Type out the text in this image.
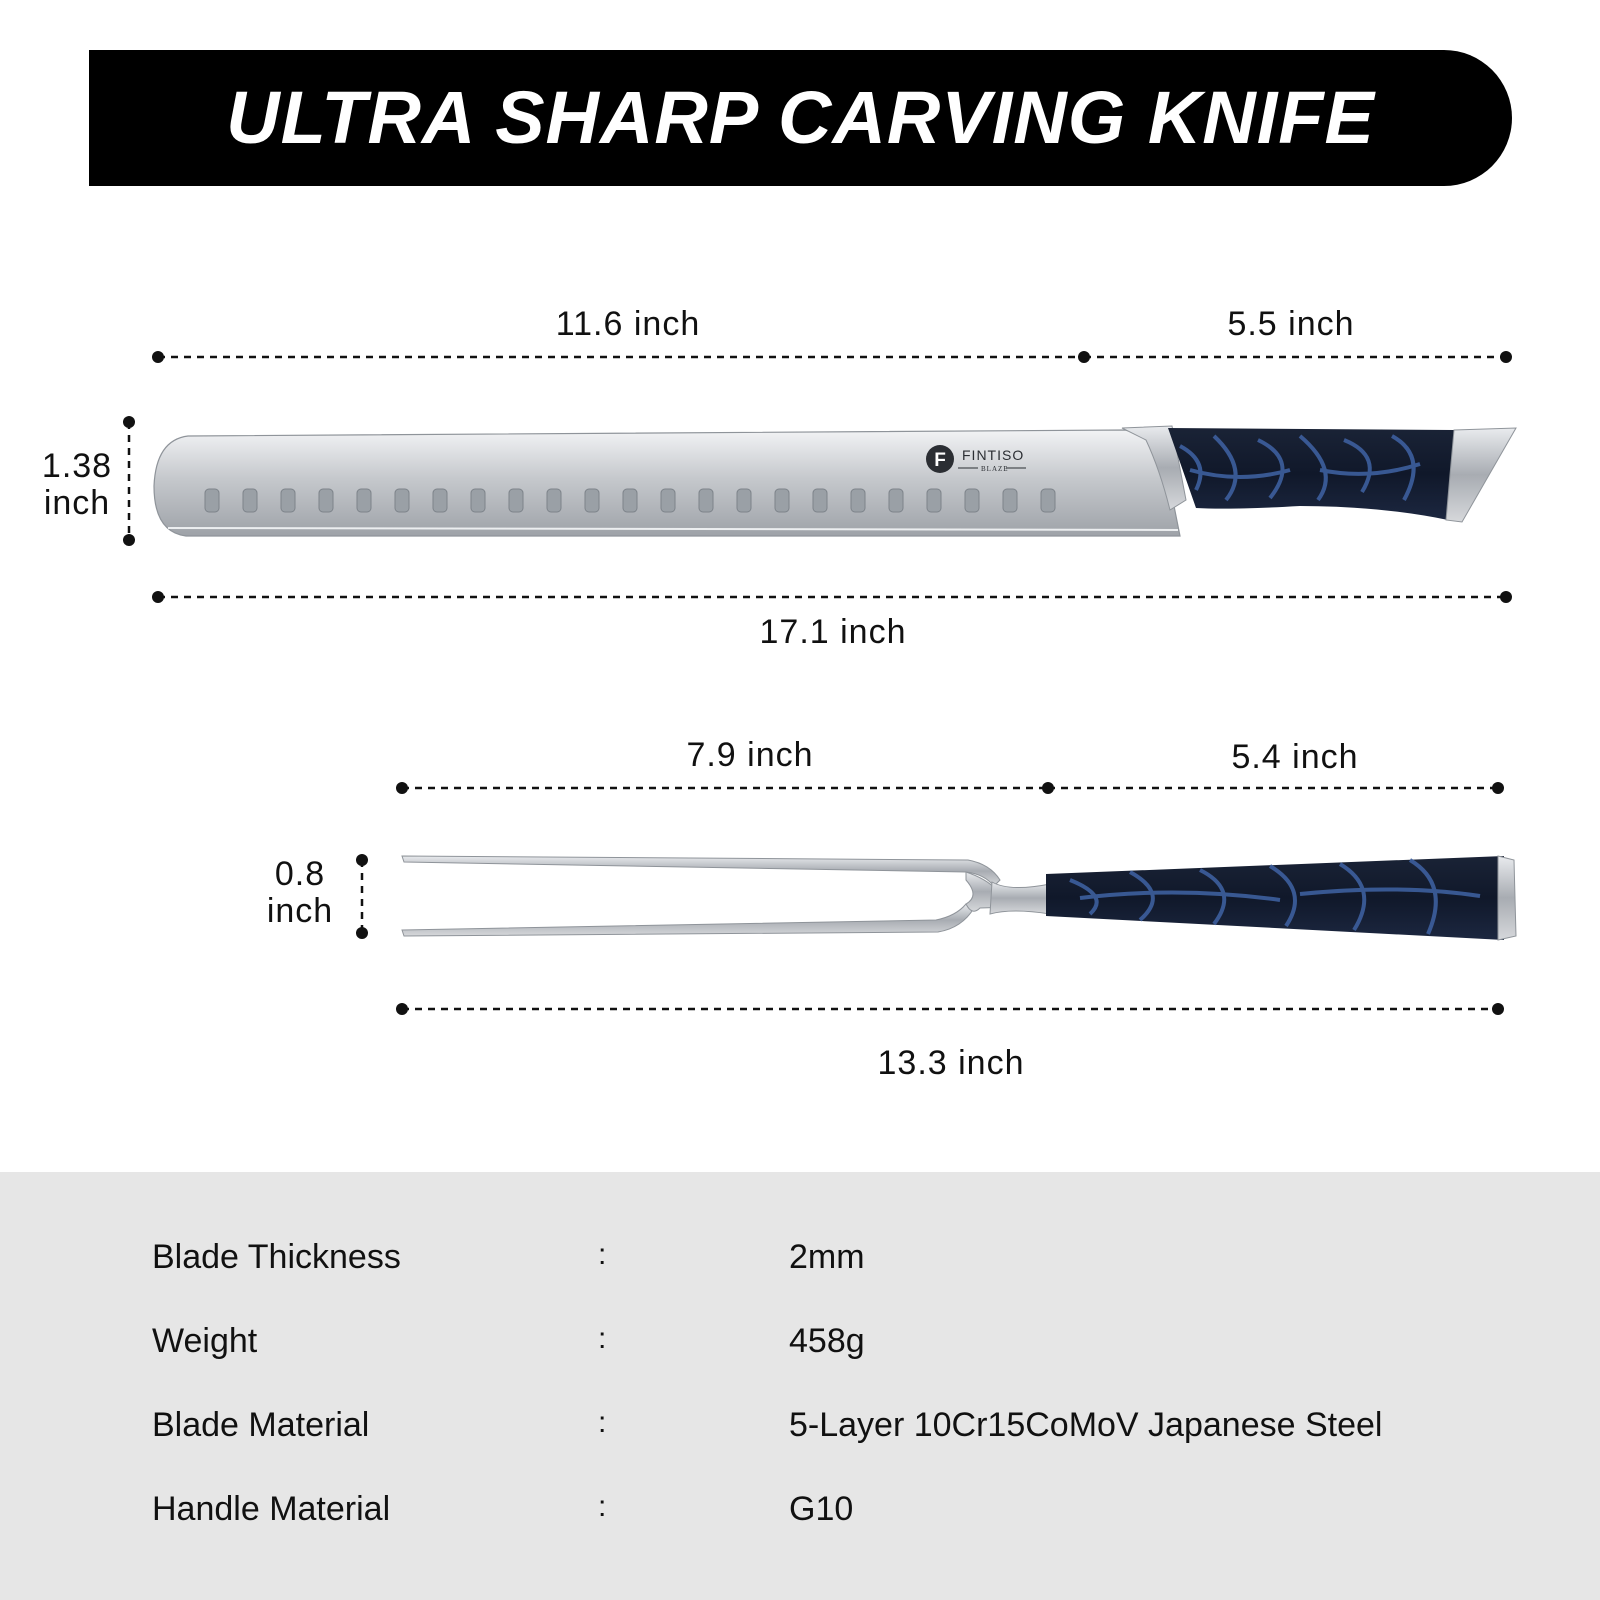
ULTRA SHARP CARVING KNIFE
F FINTISO
BLAZE
11.6 inch	5.5 inch
17.1 inch
1.38
inch
7.9 inch	5.4 inch
13.3 inch
0.8
inch
Blade Thickness	:	2mm
Weight	:	458g
Blade Material	:	5-Layer 10Cr15CoMoV Japanese Steel
Handle Material	:	G10
